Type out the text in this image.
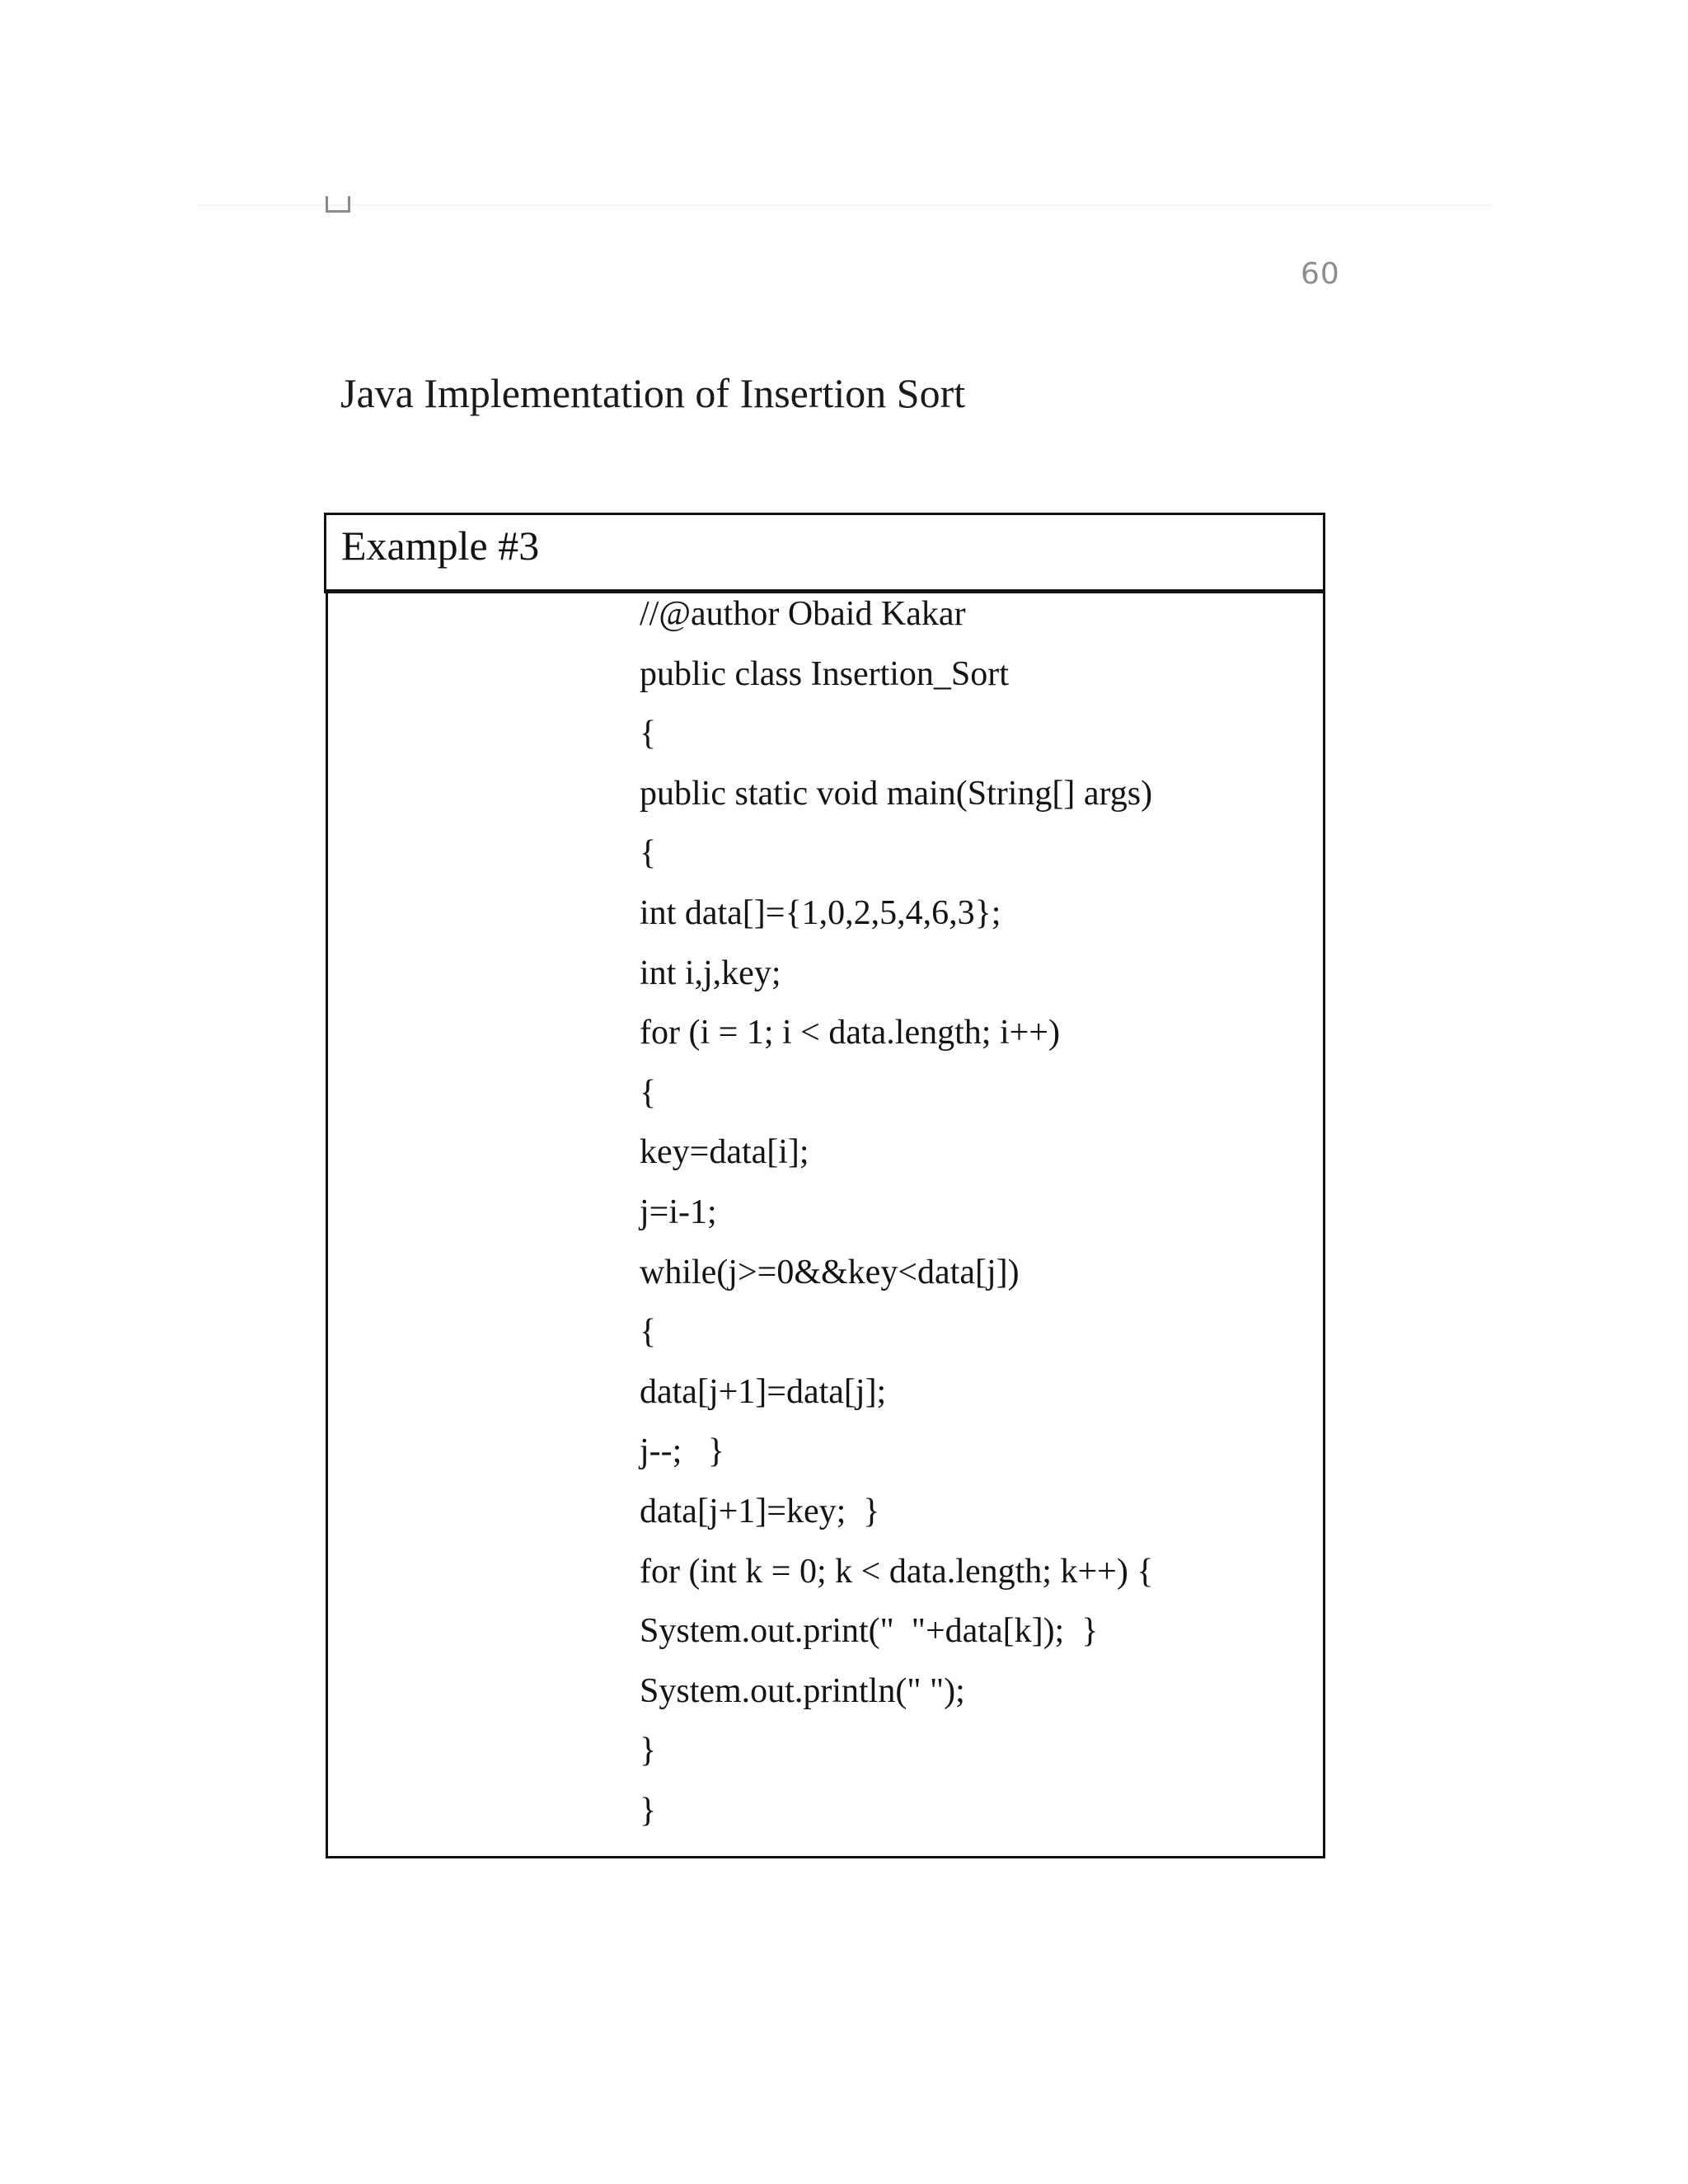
60
Java Implementation of Insertion Sort
Example #3
//@author Obaid Kakar
public class Insertion_Sort
{
public static void main(String[] args)
{
int data[]={1,0,2,5,4,6,3};
int i,j,key;
for (i = 1; i < data.length; i++)
{
key=data[i];
j=i-1;
while(j>=0&&key<data[j])
{
data[j+1]=data[j];
j--;   }
data[j+1]=key;  }
for (int k = 0; k < data.length; k++) {
System.out.print("  "+data[k]);  }
System.out.println(" ");
}
}
